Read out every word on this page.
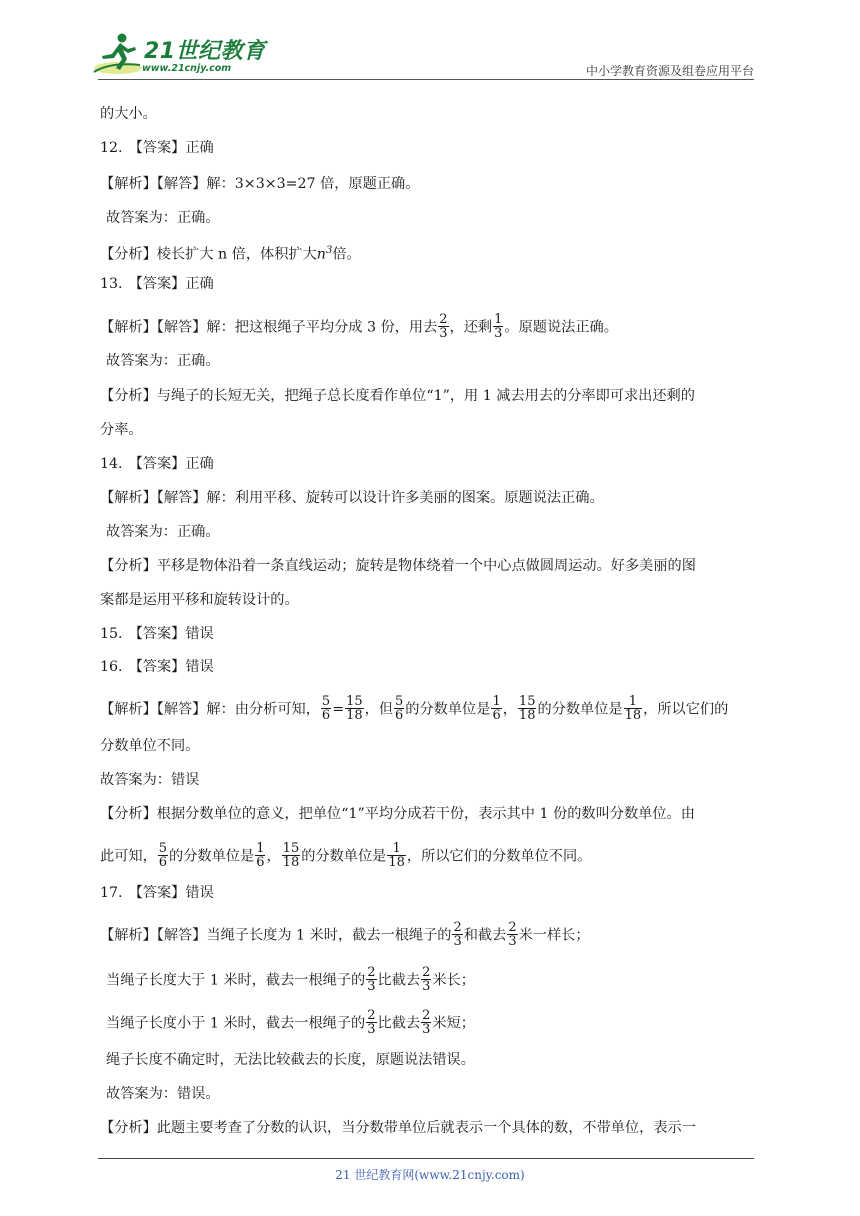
21世纪教育
www.21cnjy.com	中小学教育资源及组卷应用平台
的大小。
12. 【答案】正确
【解析】【解答】解：3×3×3=27 倍，原题正确。
故答案为：正确。
【分析】棱长扩大 n 倍，体积扩大$n^3$倍。
13. 【答案】正确
【解析】【解答】解：把这根绳子平均分成 3 份，用去 $\frac{2}{3}$ ，还剩 $\frac{1}{3}$ 。原题说法正确。
故答案为：正确。
【分析】与绳子的长短无关，把绳子总长度看作单位“1”，用 1 减去用去的分率即可求出还剩的
分率。
14. 【答案】正确
【解析】【解答】解：利用平移、旋转可以设计许多美丽的图案。原题说法正确。
故答案为：正确。
【分析】平移是物体沿着一条直线运动；旋转是物体绕着一个中心点做圆周运动。好多美丽的图
案都是运用平移和旋转设计的。
15. 【答案】错误
16. 【答案】错误
【解析】【解答】解：由分析可知， $\frac{5}{6} = \frac{15}{18}$ ，但 $\frac{5}{6}$ 的分数单位是 $\frac{1}{6}$ ， $\frac{15}{18}$ 的分数单位是 $\frac{1}{18}$ ，所以它们的
分数单位不同。
故答案为：错误
【分析】根据分数单位的意义，把单位“1”平均分成若干份，表示其中 1 份的数叫分数单位。由
此可知， $\frac{5}{6}$ 的分数单位是 $\frac{1}{6}$ ， $\frac{15}{18}$ 的分数单位是 $\frac{1}{18}$ ，所以它们的分数单位不同。
17. 【答案】错误
【解析】【解答】当绳子长度为 1 米时，截去一根绳子的 $\frac{2}{3}$ 和截去 $\frac{2}{3}$ 米一样长；
当绳子长度大于 1 米时，截去一根绳子的 $\frac{2}{3}$ 比截去 $\frac{2}{3}$ 米长；
当绳子长度小于 1 米时，截去一根绳子的 $\frac{2}{3}$ 比截去 $\frac{2}{3}$ 米短；
绳子长度不确定时，无法比较截去的长度，原题说法错误。
故答案为：错误。
【分析】此题主要考查了分数的认识，当分数带单位后就表示一个具体的数，不带单位，表示一
21 世纪教育网(www.21cnjy.com)
